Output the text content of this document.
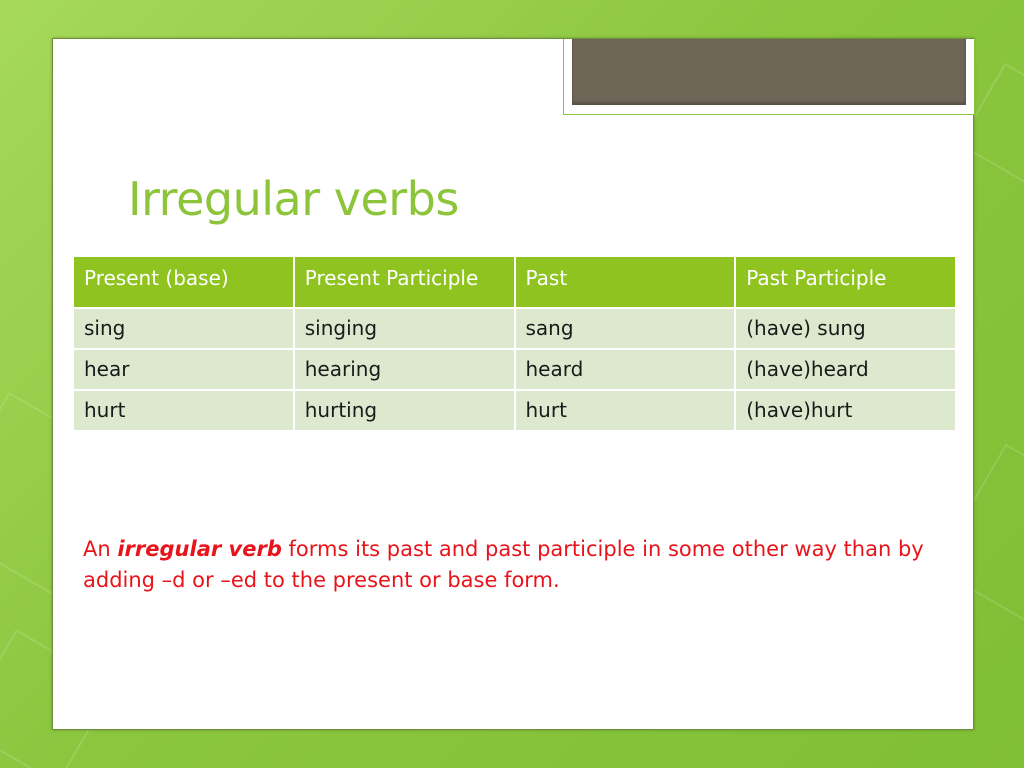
Irregular verbs
Present (base)	Present Participle	Past	Past Participle
sing	singing	sang	(have) sung
hear	hearing	heard	(have)heard
hurt	hurting	hurt	(have)hurt

An irregular verb forms its past and past participle in some other way than by adding –d or –ed to the present or base form.
